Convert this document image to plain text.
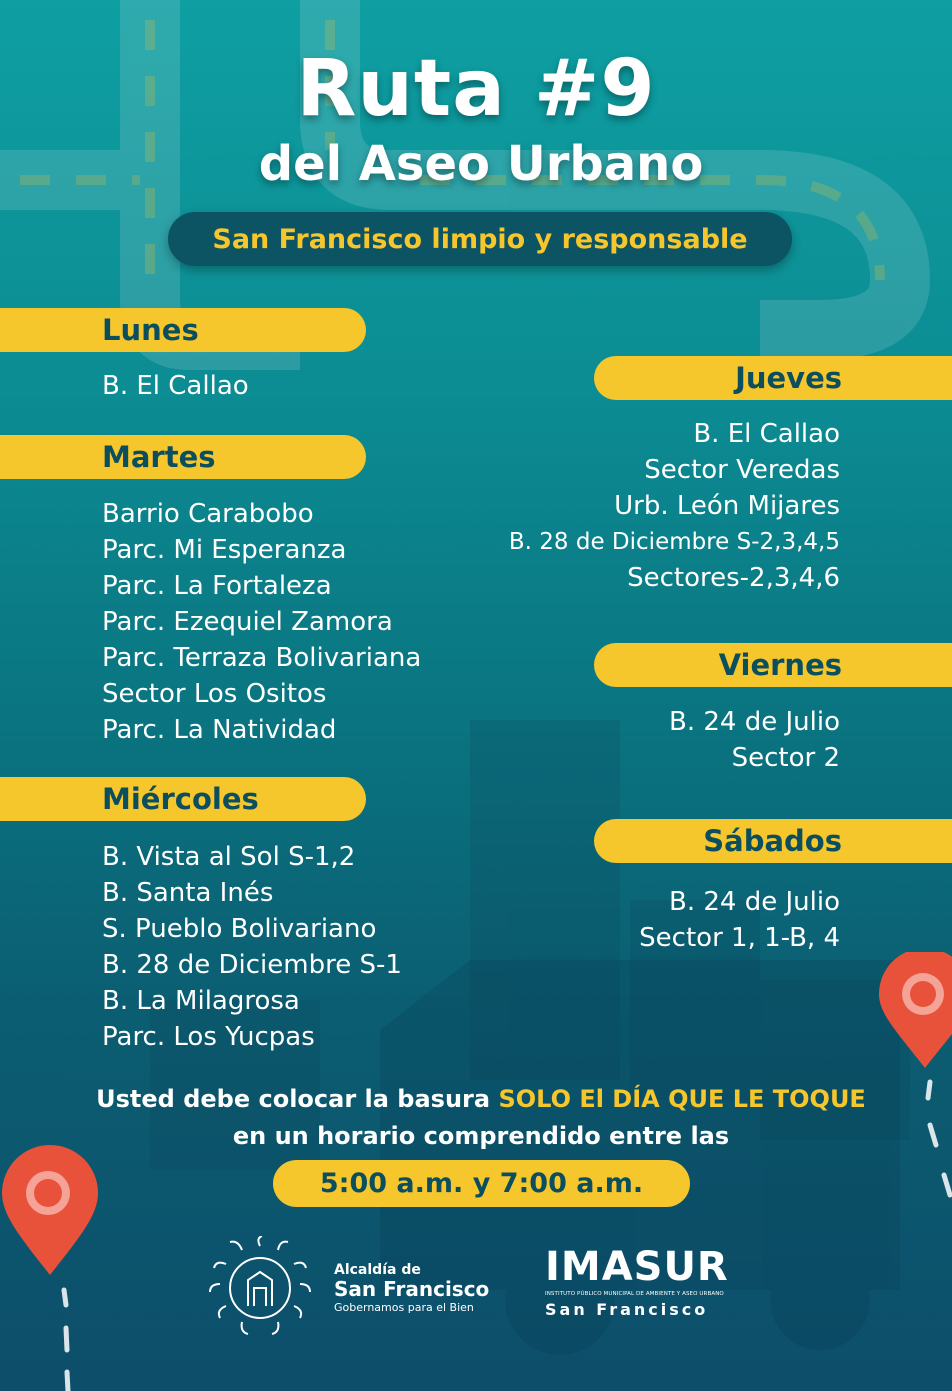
Ruta #9
del Aseo Urbano
San Francisco limpio y responsable
Lunes
B. El Callao
Martes
Barrio Carabobo
Parc. Mi Esperanza
Parc. La Fortaleza
Parc. Ezequiel Zamora
Parc. Terraza Bolivariana
Sector Los Ositos
Parc. La Natividad
Miércoles
B. Vista al Sol S-1,2
B. Santa Inés
S. Pueblo Bolivariano
B. 28 de Diciembre S-1
B. La Milagrosa
Parc. Los Yucpas
Jueves
B. El Callao
Sector Veredas
Urb. León Mijares
B. 28 de Diciembre S-2,3,4,5
Sectores-2,3,4,6
Viernes
B. 24 de Julio
Sector 2
Sábados
B. 24 de Julio
Sector 1, 1-B, 4
Usted debe colocar la basura SOLO El DÍA QUE LE TOQUE
en un horario comprendido entre las
5:00 a.m. y 7:00 a.m.
Alcaldía de
San Francisco
Gobernamos para el Bien
IMASUR
INSTITUTO PÚBLICO MUNICIPAL DE AMBIENTE Y ASEO URBANO
San Francisco
